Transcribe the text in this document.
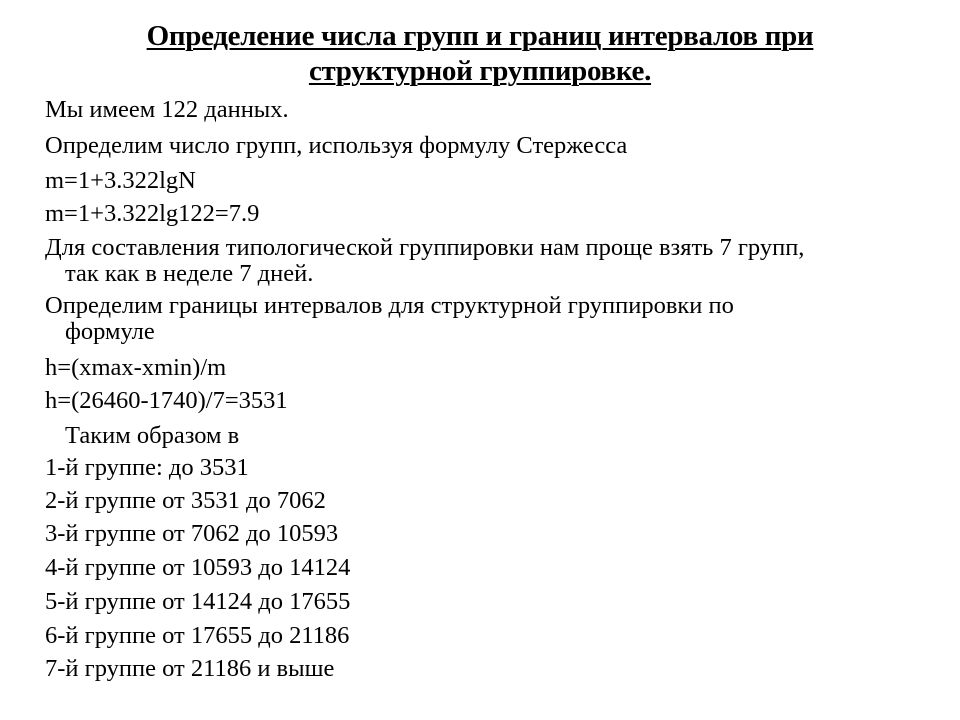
Определение числа групп и границ интервалов при
структурной группировке.
Мы имеем 122 данных.
Определим число групп, используя формулу Стержесса
m=1+3.322lgN
m=1+3.322lg122=7.9
Для составления типологической группировки нам проще взять 7 групп,
так как в неделе 7 дней.
Определим границы интервалов для структурной группировки по
формуле
h=(xmax-xmin)/m
h=(26460-1740)/7=3531
Таким образом в
1-й группе: до 3531
2-й группе от 3531 до 7062
3-й группе от 7062 до 10593
4-й группе от 10593 до 14124
5-й группе от 14124 до 17655
6-й группе от 17655 до 21186
7-й группе от 21186 и выше
